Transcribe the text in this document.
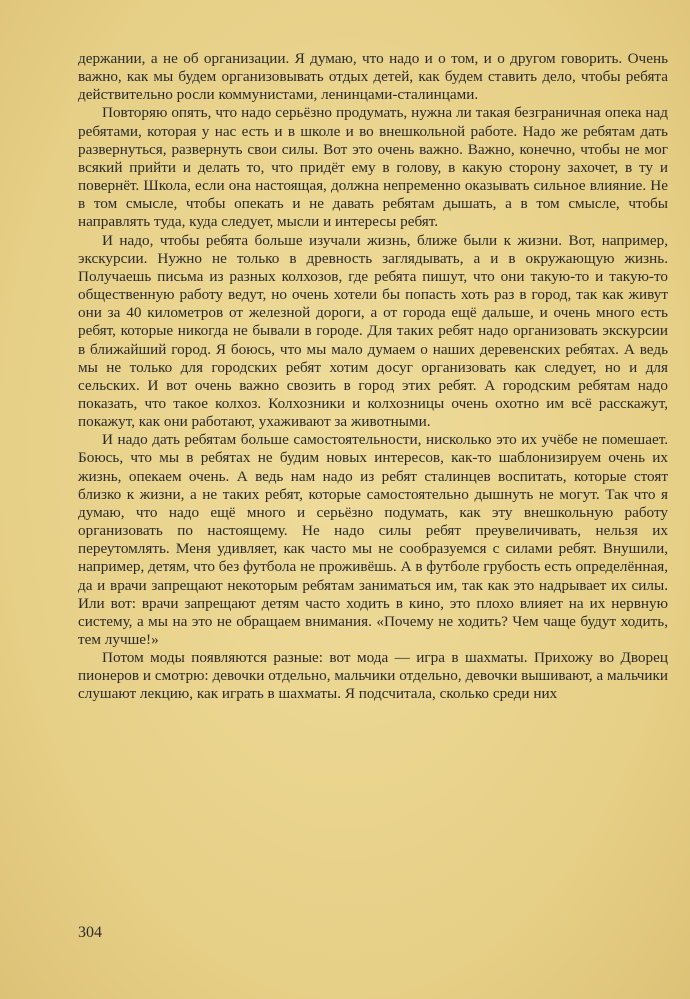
держании, а не об организации. Я думаю, что надо и о том, и о другом говорить. Очень важно, как мы будем организовывать отдых детей, как будем ставить дело, чтобы ребята действительно росли коммунистами, ленинцами-сталинцами.

Повторяю опять, что надо серьёзно продумать, нужна ли такая безграничная опека над ребятами, которая у нас есть и в школе и во внешкольной работе. Надо же ребятам дать развернуться, развернуть свои силы. Вот это очень важно. Важно, конечно, чтобы не мог всякий прийти и делать то, что придёт ему в голову, в какую сторону захочет, в ту и повернёт. Школа, если она настоящая, должна непременно оказывать сильное влияние. Не в том смысле, чтобы опекать и не давать ребятам дышать, а в том смысле, чтобы направлять туда, куда следует, мысли и интересы ребят.

И надо, чтобы ребята больше изучали жизнь, ближе были к жизни. Вот, например, экскурсии. Нужно не только в древность заглядывать, а и в окружающую жизнь. Получаешь письма из разных колхозов, где ребята пишут, что они такую-то и такую-то общественную работу ведут, но очень хотели бы попасть хоть раз в город, так как живут они за 40 километров от железной дороги, а от города ещё дальше, и очень много есть ребят, которые никогда не бывали в городе. Для таких ребят надо организовать экскурсии в ближайший город. Я боюсь, что мы мало думаем о наших деревенских ребятах. А ведь мы не только для городских ребят хотим досуг организовать как следует, но и для сельских. И вот очень важно свозить в город этих ребят. А городским ребятам надо показать, что такое колхоз. Колхозники и колхозницы очень охотно им всё расскажут, покажут, как они работают, ухаживают за животными.

И надо дать ребятам больше самостоятельности, нисколько это их учёбе не помешает. Боюсь, что мы в ребятах не будим новых интересов, как-то шаблонизируем очень их жизнь, опекаем очень. А ведь нам надо из ребят сталинцев воспитать, которые стоят близко к жизни, а не таких ребят, которые самостоятельно дышнуть не могут. Так что я думаю, что надо ещё много и серьёзно подумать, как эту внешкольную работу организовать по настоящему. Не надо силы ребят преувеличивать, нельзя их переутомлять. Меня удивляет, как часто мы не сообразуемся с силами ребят. Внушили, например, детям, что без футбола не проживёшь. А в футболе грубость есть определённая, да и врачи запрещают некоторым ребятам заниматься им, так как это надрывает их силы. Или вот: врачи запрещают детям часто ходить в кино, это плохо влияет на их нервную систему, а мы на это не обращаем внимания. «Почему не ходить? Чем чаще будут ходить, тем лучше!»

Потом моды появляются разные: вот мода — игра в шахматы. Прихожу во Дворец пионеров и смотрю: девочки отдельно, мальчики отдельно, девочки вышивают, а мальчики слушают лекцию, как играть в шахматы. Я подсчитала, сколько среди них

304
